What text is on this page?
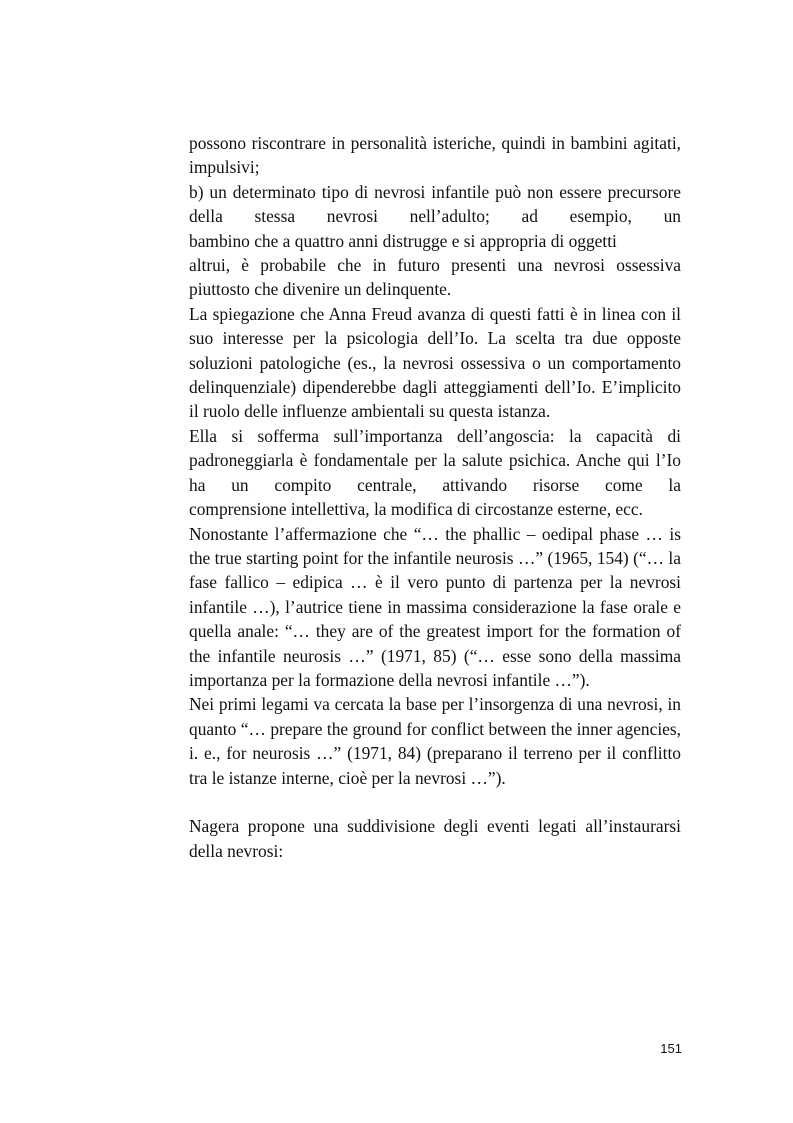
possono riscontrare in personalità isteriche, quindi in bambini agitati, impulsivi;

b) un determinato tipo di nevrosi infantile può non essere precursore della stessa nevrosi nell’adulto; ad esempio, un

bambino che a quattro anni distrugge e si appropria di oggetti

altrui, è probabile che in futuro presenti una nevrosi ossessiva piuttosto che divenire un delinquente.

La spiegazione che Anna Freud avanza di questi fatti è in linea con il suo interesse per la psicologia dell’Io. La scelta tra due opposte soluzioni patologiche (es., la nevrosi ossessiva o un comportamento delinquenziale) dipenderebbe dagli atteggiamenti dell’Io. E’implicito il ruolo delle influenze ambientali su questa istanza.

Ella si sofferma sull’importanza dell’angoscia: la capacità di padroneggiarla è fondamentale per la salute psichica. Anche qui l’Io ha un compito centrale, attivando risorse come la

comprensione intellettiva, la modifica di circostanze esterne, ecc.

Nonostante l’affermazione che “… the phallic – oedipal phase … is the true starting point for the infantile neurosis …” (1965, 154) (“… la fase fallico – edipica … è il vero punto di partenza per la nevrosi infantile …), l’autrice tiene in massima considerazione la fase orale e quella anale: “… they are of the greatest import for the formation of the infantile neurosis …” (1971, 85) (“… esse sono della massima importanza per la formazione della nevrosi infantile …”).

Nei primi legami va cercata la base per l’insorgenza di una nevrosi, in quanto “… prepare the ground for conflict between the inner agencies, i. e., for neurosis …” (1971, 84) (preparano il terreno per il conflitto tra le istanze interne, cioè per la nevrosi …”).

Nagera propone una suddivisione degli eventi legati all’instaurarsi della nevrosi:

151
